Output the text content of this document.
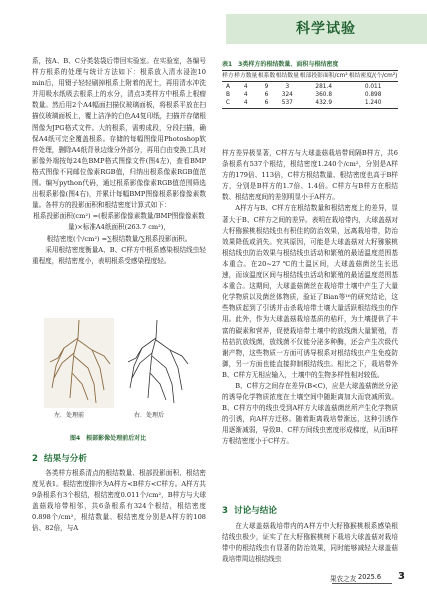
科学试验

系，按A、B、C分类装袋后带回实验室。在实验室，各编号样方根系的处理与统计方法如下：根系放入清水浸泡10 min后，用镊子轻轻刷掉根系上附着的泥土，再用清水冲洗并用吸水纸吸去根系上的水分，清点3类样方中根系上根瘤数量。然后用2个A4幅面扫描仪玻璃面板，将根系平放在扫描仪玻璃面板上，覆上洁净的白色A4复印纸，扫描并存储根图像为JPG格式文件。大的根系，需剪成段，分段扫描，确保A4纸可完全覆盖根系。存储的每幅图像用Photoshop软件处理，删除A4纸背景边缘分外部分，再用白由变换工具对影像外端按每24色BMP格式图像文件(图4左)，查看BMP格式图像不同邮位像素RGB值，归纳出根系像素RGB值范围。编写python代码，通过根系影像像素RGB值范围筛选出根系影像(图4右)，并累计每幅BMP图像根系影像像素数量。各样方的投影面积和根结密度计算式如下：

根系投影面积(cm²) =(根系影像像素数量/BMP图像像素数量)×标准A4纸面积(263.7 cm²)，

根结密度(个/cm²) =∑根结数量/∑根系投影面积。

采用根结密度衡量A、B、C样方中根系感染根结线虫轻重程度，根结密度小，表明根系受感染程度轻。

左．处理前	右．处理后
图4　根部影像处理前后对比
2 结果与分析

各类样方根系清点的根结数量、根部投影面积、根结密度见表1。根结密度排序为A样方<B样方<C样方。A样方共9条根系有3个根结，根结密度0.011个/cm²，B样方与大球盖菇栽培带相邻，共6条根系有324个根结，根结密度0.898个/cm²，根结数量、根结密度分别是A样方的108倍、82倍，与A

表1　3类样方的根结数量、面积与根结密度
样方	样方数量	根系数	根结数量	根部投影面积/cm²	根结密度/(个/cm²)
A	4	9	3	281.4	0.011
B	4	6	324	360.8	0.898
C	4	6	537	432.9	1.240

样方差异极显著，C样方与大球盖菇栽培带间隔B样方，共6条根系有537个根结，根结密度1.240个/cm²，分别是A样方的179倍、113倍，C样方根结数量、根结密度也高于B样方，分别是B样方的1.7倍、1.4倍。C样方与B样方在根结数、根结密度间的差别明显小于A样方。

A样方与B、C样方在根结数量和根结密度上的差异，显著大于B、C样方之间的差异。表明在栽培带内，大球盖菇对大籽猕猴桃根结线虫有积佳的防治效果，远离栽培带，防治效果降低或消失。究其原因，可能是大球盖菇对大籽猕猴桃根结线虫防治效果与根结线虫活动和繁殖的最适温度范围基本重合。在20~27 ℃的土温区间，大球盖菇菌丝生长迅速，而该温度区间与根结线虫活动和繁殖的最适温度范围基本重合。这期间，大球盖菇菌丝在栽培带土壤中产生了大量化学物质以及菌丝体物质，验证了Bian等¹⁶的研究结论，这些物质起到了引诱并击杀栽培带土壤大量活跃根结线虫的作用。此外，作为大球盖菇栽培基质的秸秆，为土壤提供了丰富的碳素和营养，促使栽培带土壤中的放线菌大量繁殖，青枯拮抗放线菌，放线菌不仅能分泌多种酶，还会产生次级代谢产物，这些物质一方面可诱导根系对根结线虫产生免疫防御，另一方面也能直接抑制根结线虫。相比之下，栽培带外B、C样方无相应输入，土壤中的生物多样性相对较低。

B、C样方之间存在差异(B<C)，应是大球盖菇菌丝分泌的诱导化学物质浓度在土壤空间中随距离加大而衰减所致。B、C样方中的线虫受到A样方大球盖菇菌丝所产生化学物质的引诱，向A样方迁移。随着距离栽培带渐远，这种引诱作用逐渐减弱，导致B、C样方间线虫密度形成梯度，从而B样方根结密度小于C样方。

3 讨论与结论

在大球盖菇栽培带内的A样方中大籽猕猴桃根系感染根结线虫极少，证实了在大籽猕猴桃树下栽培大球盖菇对栽培带中的根结线虫有显著的防治效果，同时能够减轻大球盖菇栽培带周边根结线虫

果农之友 2025.6 3
